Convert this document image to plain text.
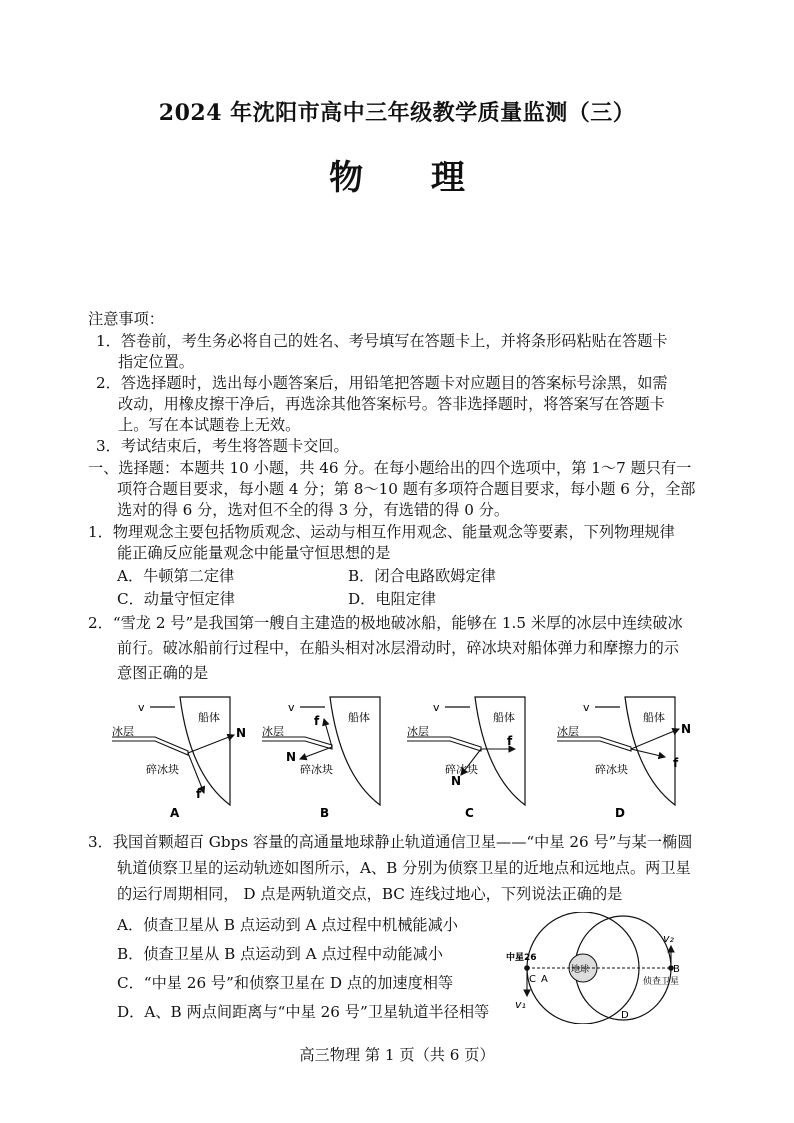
2024 年沈阳市高中三年级教学质量监测（三）
物 理
注意事项：
1．答卷前，考生务必将自己的姓名、考号填写在答题卡上，并将条形码粘贴在答题卡
指定位置。
2．答选择题时，选出每小题答案后，用铅笔把答题卡对应题目的答案标号涂黑，如需
改动，用橡皮擦干净后，再选涂其他答案标号。答非选择题时，将答案写在答题卡
上。写在本试题卷上无效。
3．考试结束后，考生将答题卡交回。
一、选择题：本题共 10 小题，共 46 分。在每小题给出的四个选项中，第 1～7 题只有一
项符合题目要求，每小题 4 分；第 8～10 题有多项符合题目要求，每小题 6 分，全部
选对的得 6 分，选对但不全的得 3 分，有选错的得 0 分。
1．物理观念主要包括物质观念、运动与相互作用观念、能量观念等要素，下列物理规律
能正确反应能量观念中能量守恒思想的是
A．牛顿第二定律	B．闭合电路欧姆定律
C．动量守恒定律	D．电阻定律
2．“雪龙 2 号”是我国第一艘自主建造的极地破冰船，能够在 1.5 米厚的冰层中连续破冰
前行。破冰船前行过程中，在船头相对冰层滑动时，碎冰块对船体弹力和摩擦力的示
意图正确的是
v
船体
冰层	N
f
碎冰块
A
v
船体
冰层
f
N
碎冰块
B
v
船体
冰层
f
N
碎冰块
C
v
船体
冰层	N
f
碎冰块
D
3．我国首颗超百 Gbps 容量的高通量地球静止轨道通信卫星——“中星 26 号”与某一椭圆
轨道侦察卫星的运动轨迹如图所示，A、B 分别为侦察卫星的近地点和远地点。两卫星
的运行周期相同， D 点是两轨道交点，BC 连线过地心，下列说法正确的是
A．侦查卫星从 B 点运动到 A 点过程中机械能减小
B．侦查卫星从 B 点运动到 A 点过程中动能减小
C．“中星 26 号”和侦察卫星在 D 点的加速度相等
D．A、B 两点间距离与“中星 26 号”卫星轨道半径相等
地球
中星26
C A
B
侦查卫星
v₁
v₂
D
高三物理 第 1 页（共 6 页）
